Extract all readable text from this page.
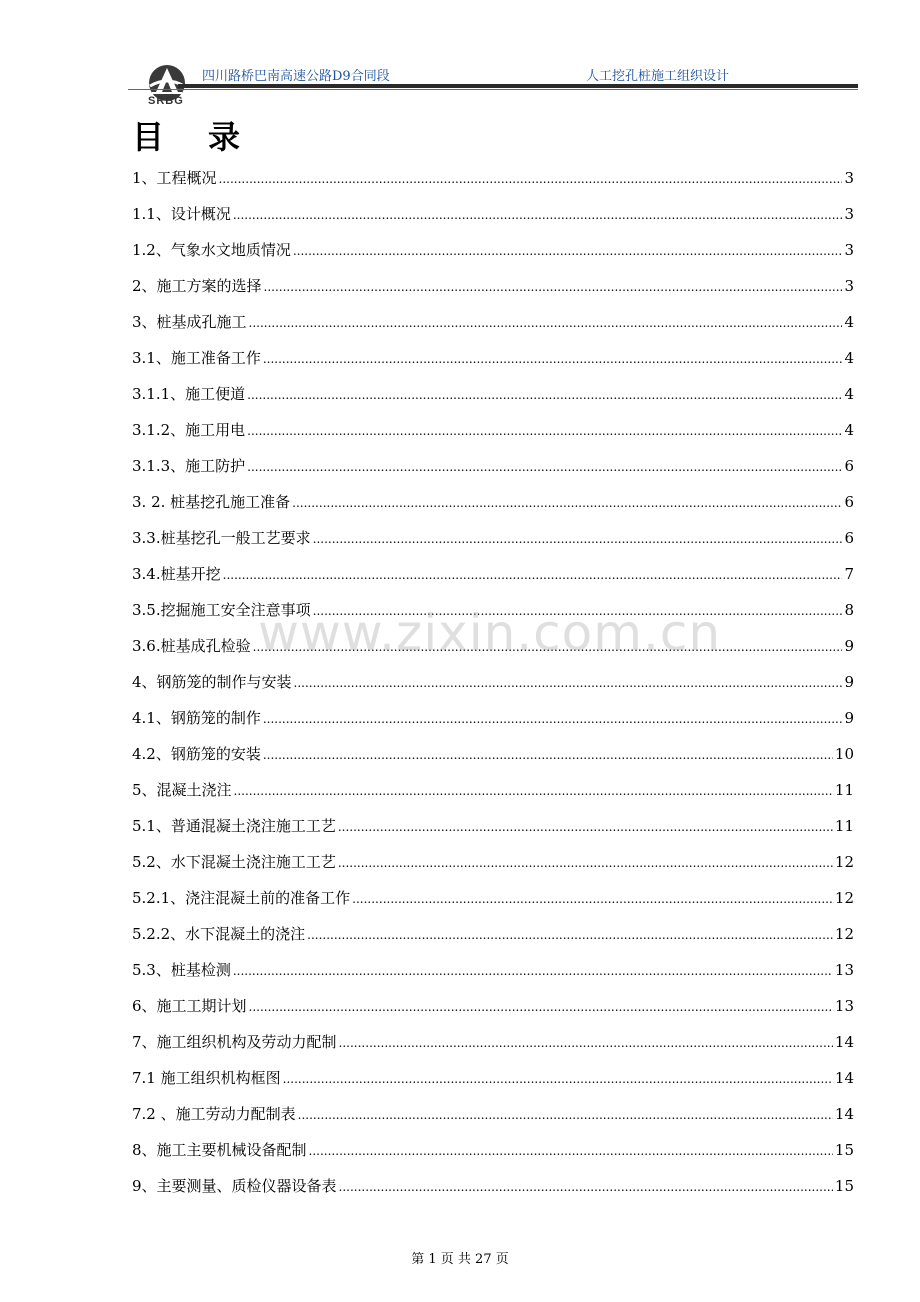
SRBG
四川路桥巴南高速公路D9合同段	人工挖孔桩施工组织设计
目录
1、工程概况 .....	3
1.1、设计概况 .....	3
1.2、气象水文地质情况 .....	3
2、施工方案的选择 .....	3
3、桩基成孔施工 .....	4
3.1、施工准备工作 .....	4
3.1.1、施工便道 .....	4
3.1.2、施工用电 .....	4
3.1.3、施工防护 .....	6
3. 2. 桩基挖孔施工准备 .....	6
3.3.桩基挖孔一般工艺要求 .....	6
3.4.桩基开挖 .....	7
3.5.挖掘施工安全注意事项 .....	8
3.6.桩基成孔检验 .....	9
4、钢筋笼的制作与安装 .....	9
4.1、钢筋笼的制作 .....	9
4.2、钢筋笼的安装 .....	10
5、混凝土浇注 .....	11
5.1、普通混凝土浇注施工工艺 .....	11
5.2、水下混凝土浇注施工工艺 .....	12
5.2.1、浇注混凝土前的准备工作 .....	12
5.2.2、水下混凝土的浇注 .....	12
5.3、桩基检测 .....	13
6、施工工期计划 .....	13
7、施工组织机构及劳动力配制 .....	14
7.1 施工组织机构框图 .....	14
7.2 、施工劳动力配制表 .....	14
8、施工主要机械设备配制 .....	15
9、主要测量、质检仪器设备表 .....	15
www.zixin.com.cn
第 1 页 共 27 页
